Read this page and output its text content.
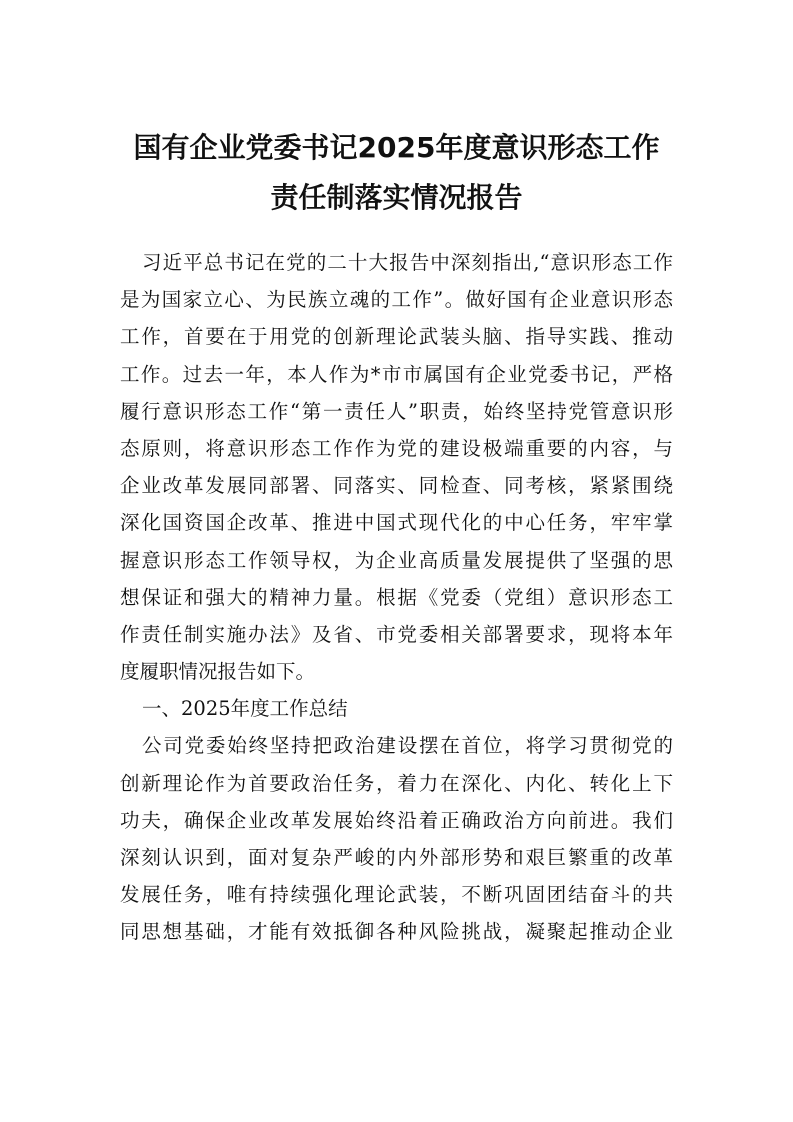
国有企业党委书记2025年度意识形态工作
责任制落实情况报告

习近平总书记在党的二十大报告中深刻指出,“意识形态工作

是为国家立心、为民族立魂的工作”。做好国有企业意识形态

工作，首要在于用党的创新理论武装头脑、指导实践、推动

工作。过去一年，本人作为*市市属国有企业党委书记，严格

履行意识形态工作“第一责任人”职责，始终坚持党管意识形

态原则，将意识形态工作作为党的建设极端重要的内容，与

企业改革发展同部署、同落实、同检查、同考核，紧紧围绕

深化国资国企改革、推进中国式现代化的中心任务，牢牢掌

握意识形态工作领导权，为企业高质量发展提供了坚强的思

想保证和强大的精神力量。根据《党委（党组）意识形态工

作责任制实施办法》及省、市党委相关部署要求，现将本年

度履职情况报告如下。

一、2025年度工作总结

公司党委始终坚持把政治建设摆在首位，将学习贯彻党的

创新理论作为首要政治任务，着力在深化、内化、转化上下

功夫，确保企业改革发展始终沿着正确政治方向前进。我们

深刻认识到，面对复杂严峻的内外部形势和艰巨繁重的改革

发展任务，唯有持续强化理论武装，不断巩固团结奋斗的共

同思想基础，才能有效抵御各种风险挑战，凝聚起推动企业
